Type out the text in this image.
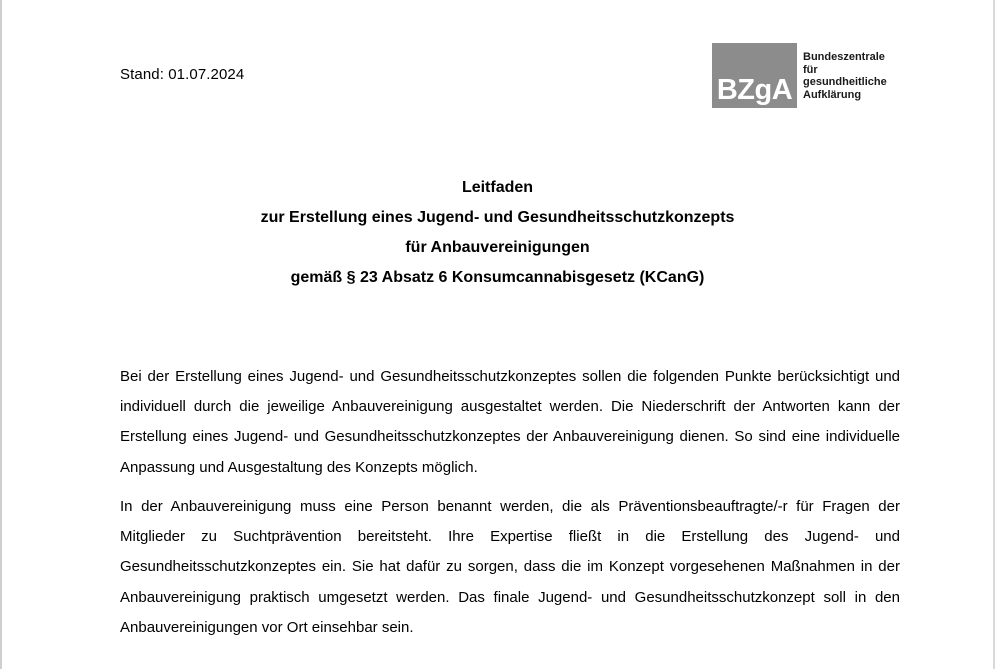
Stand: 01.07.2024	BZgA
Bundeszentrale
für
gesundheitliche
Aufklärung
Leitfaden
zur Erstellung eines Jugend- und Gesundheitsschutzkonzepts
für Anbauvereinigungen
gemäß § 23 Absatz 6 Konsumcannabisgesetz (KCanG)

Bei der Erstellung eines Jugend- und Gesundheitsschutzkonzeptes sollen die folgenden Punkte berücksichtigt und individuell durch die jeweilige Anbauvereinigung ausgestaltet werden. Die Niederschrift der Antworten kann der Erstellung eines Jugend- und Gesundheitsschutzkonzeptes der Anbauvereinigung dienen. So sind eine individuelle Anpassung und Ausgestaltung des Konzepts möglich.

In der Anbauvereinigung muss eine Person benannt werden, die als Präventionsbeauftragte/-r für Fragen der Mitglieder zu Suchtprävention bereitsteht. Ihre Expertise fließt in die Erstellung des Jugend- und Gesundheitsschutzkonzeptes ein. Sie hat dafür zu sorgen, dass die im Konzept vorgesehenen Maßnahmen in der Anbauvereinigung praktisch umgesetzt werden. Das finale Jugend- und Gesundheitsschutzkonzept soll in den Anbauvereinigungen vor Ort einsehbar sein.
